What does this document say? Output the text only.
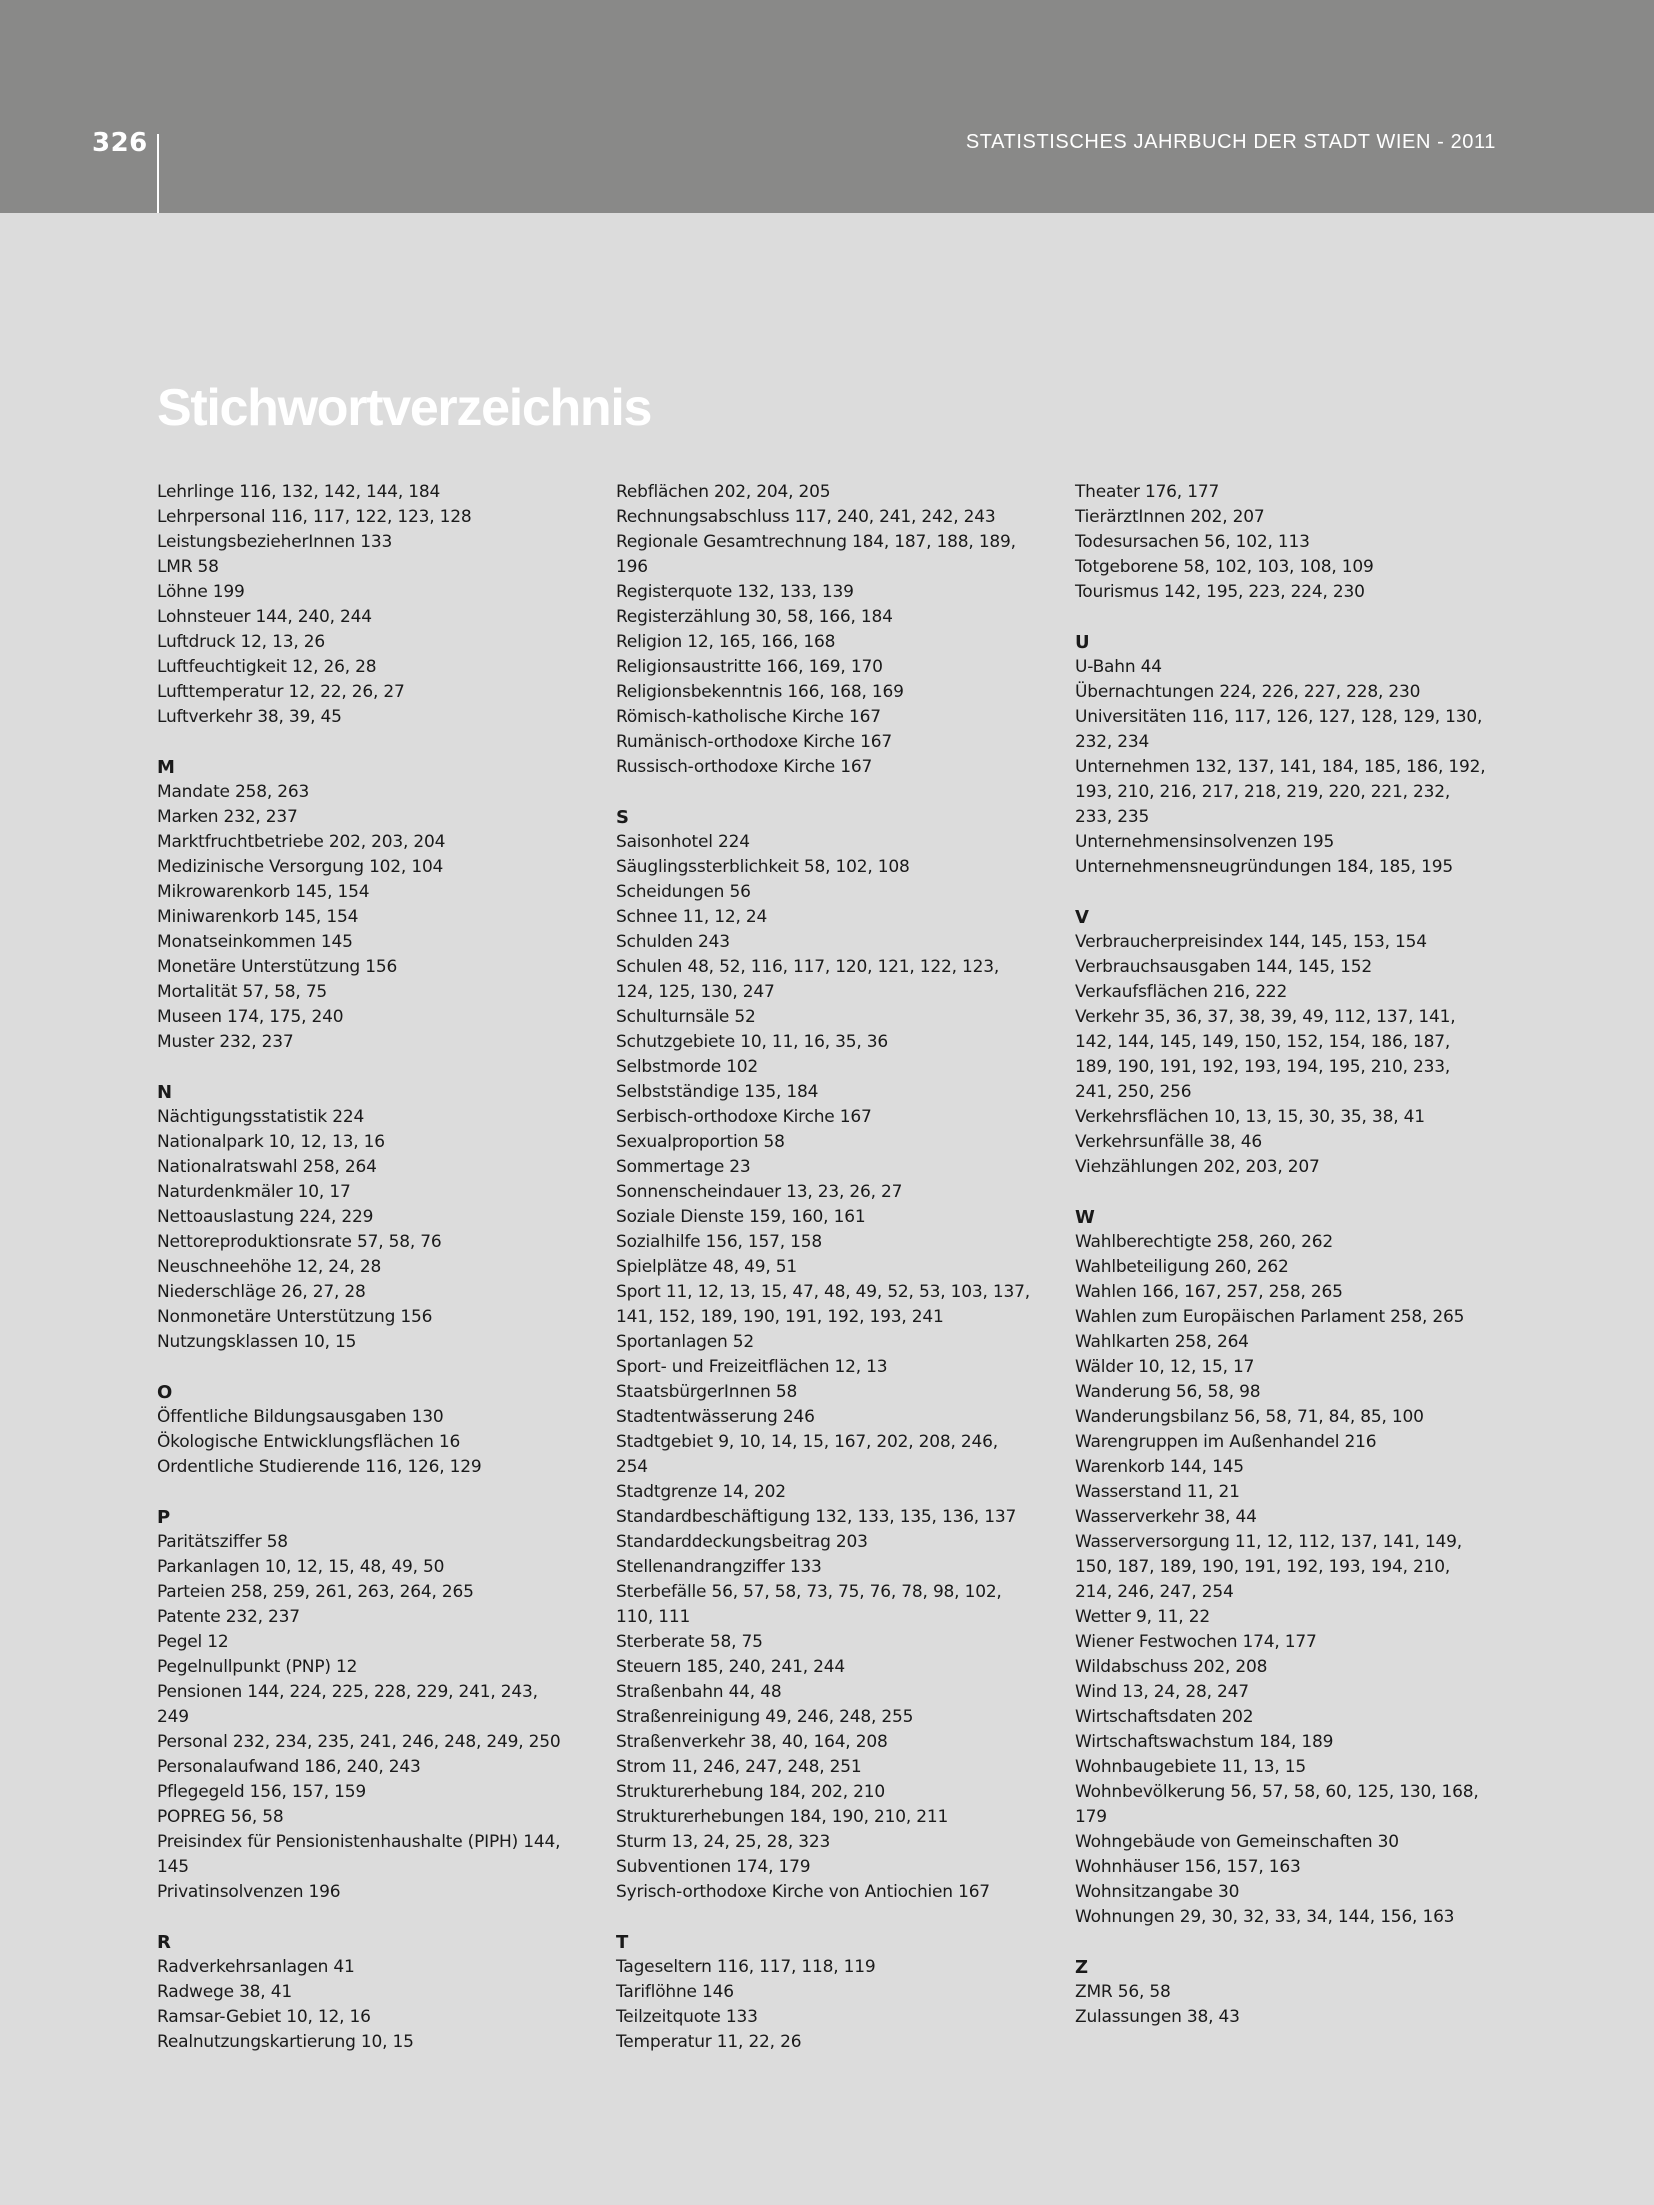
326	STATISTISCHES JAHRBUCH DER STADT WIEN - 2011
Stichwortverzeichnis
Lehrlinge 116, 132, 142, 144, 184
Lehrpersonal 116, 117, 122, 123, 128
LeistungsbezieherInnen 133
LMR 58
Löhne 199
Lohnsteuer 144, 240, 244
Luftdruck 12, 13, 26
Luftfeuchtigkeit 12, 26, 28
Lufttemperatur 12, 22, 26, 27
Luftverkehr 38, 39, 45
M
Mandate 258, 263
Marken 232, 237
Marktfruchtbetriebe 202, 203, 204
Medizinische Versorgung 102, 104
Mikrowarenkorb 145, 154
Miniwarenkorb 145, 154
Monatseinkommen 145
Monetäre Unterstützung 156
Mortalität 57, 58, 75
Museen 174, 175, 240
Muster 232, 237
N
Nächtigungsstatistik 224
Nationalpark 10, 12, 13, 16
Nationalratswahl 258, 264
Naturdenkmäler 10, 17
Nettoauslastung 224, 229
Nettoreproduktionsrate 57, 58, 76
Neuschneehöhe 12, 24, 28
Niederschläge 26, 27, 28
Nonmonetäre Unterstützung 156
Nutzungsklassen 10, 15
O
Öffentliche Bildungsausgaben 130
Ökologische Entwicklungsflächen 16
Ordentliche Studierende 116, 126, 129
P
Paritätsziffer 58
Parkanlagen 10, 12, 15, 48, 49, 50
Parteien 258, 259, 261, 263, 264, 265
Patente 232, 237
Pegel 12
Pegelnullpunkt (PNP) 12
Pensionen 144, 224, 225, 228, 229, 241, 243,
249
Personal 232, 234, 235, 241, 246, 248, 249, 250
Personalaufwand 186, 240, 243
Pflegegeld 156, 157, 159
POPREG 56, 58
Preisindex für Pensionistenhaushalte (PIPH) 144,
145
Privatinsolvenzen 196
R
Radverkehrsanlagen 41
Radwege 38, 41
Ramsar-Gebiet 10, 12, 16
Realnutzungskartierung 10, 15
Rebflächen 202, 204, 205
Rechnungsabschluss 117, 240, 241, 242, 243
Regionale Gesamtrechnung 184, 187, 188, 189,
196
Registerquote 132, 133, 139
Registerzählung 30, 58, 166, 184
Religion 12, 165, 166, 168
Religionsaustritte 166, 169, 170
Religionsbekenntnis 166, 168, 169
Römisch-katholische Kirche 167
Rumänisch-orthodoxe Kirche 167
Russisch-orthodoxe Kirche 167
S
Saisonhotel 224
Säuglingssterblichkeit 58, 102, 108
Scheidungen 56
Schnee 11, 12, 24
Schulden 243
Schulen 48, 52, 116, 117, 120, 121, 122, 123,
124, 125, 130, 247
Schulturnsäle 52
Schutzgebiete 10, 11, 16, 35, 36
Selbstmorde 102
Selbstständige 135, 184
Serbisch-orthodoxe Kirche 167
Sexualproportion 58
Sommertage 23
Sonnenscheindauer 13, 23, 26, 27
Soziale Dienste 159, 160, 161
Sozialhilfe 156, 157, 158
Spielplätze 48, 49, 51
Sport 11, 12, 13, 15, 47, 48, 49, 52, 53, 103, 137,
141, 152, 189, 190, 191, 192, 193, 241
Sportanlagen 52
Sport- und Freizeitflächen 12, 13
StaatsbürgerInnen 58
Stadtentwässerung 246
Stadtgebiet 9, 10, 14, 15, 167, 202, 208, 246,
254
Stadtgrenze 14, 202
Standardbeschäftigung 132, 133, 135, 136, 137
Standarddeckungsbeitrag 203
Stellenandrangziffer 133
Sterbefälle 56, 57, 58, 73, 75, 76, 78, 98, 102,
110, 111
Sterberate 58, 75
Steuern 185, 240, 241, 244
Straßenbahn 44, 48
Straßenreinigung 49, 246, 248, 255
Straßenverkehr 38, 40, 164, 208
Strom 11, 246, 247, 248, 251
Strukturerhebung 184, 202, 210
Strukturerhebungen 184, 190, 210, 211
Sturm 13, 24, 25, 28, 323
Subventionen 174, 179
Syrisch-orthodoxe Kirche von Antiochien 167
T
Tageseltern 116, 117, 118, 119
Tariflöhne 146
Teilzeitquote 133
Temperatur 11, 22, 26
Theater 176, 177
TierärztInnen 202, 207
Todesursachen 56, 102, 113
Totgeborene 58, 102, 103, 108, 109
Tourismus 142, 195, 223, 224, 230
U
U-Bahn 44
Übernachtungen 224, 226, 227, 228, 230
Universitäten 116, 117, 126, 127, 128, 129, 130,
232, 234
Unternehmen 132, 137, 141, 184, 185, 186, 192,
193, 210, 216, 217, 218, 219, 220, 221, 232,
233, 235
Unternehmensinsolvenzen 195
Unternehmensneugründungen 184, 185, 195
V
Verbraucherpreisindex 144, 145, 153, 154
Verbrauchsausgaben 144, 145, 152
Verkaufsflächen 216, 222
Verkehr 35, 36, 37, 38, 39, 49, 112, 137, 141,
142, 144, 145, 149, 150, 152, 154, 186, 187,
189, 190, 191, 192, 193, 194, 195, 210, 233,
241, 250, 256
Verkehrsflächen 10, 13, 15, 30, 35, 38, 41
Verkehrsunfälle 38, 46
Viehzählungen 202, 203, 207
W
Wahlberechtigte 258, 260, 262
Wahlbeteiligung 260, 262
Wahlen 166, 167, 257, 258, 265
Wahlen zum Europäischen Parlament 258, 265
Wahlkarten 258, 264
Wälder 10, 12, 15, 17
Wanderung 56, 58, 98
Wanderungsbilanz 56, 58, 71, 84, 85, 100
Warengruppen im Außenhandel 216
Warenkorb 144, 145
Wasserstand 11, 21
Wasserverkehr 38, 44
Wasserversorgung 11, 12, 112, 137, 141, 149,
150, 187, 189, 190, 191, 192, 193, 194, 210,
214, 246, 247, 254
Wetter 9, 11, 22
Wiener Festwochen 174, 177
Wildabschuss 202, 208
Wind 13, 24, 28, 247
Wirtschaftsdaten 202
Wirtschaftswachstum 184, 189
Wohnbaugebiete 11, 13, 15
Wohnbevölkerung 56, 57, 58, 60, 125, 130, 168,
179
Wohngebäude von Gemeinschaften 30
Wohnhäuser 156, 157, 163
Wohnsitzangabe 30
Wohnungen 29, 30, 32, 33, 34, 144, 156, 163
Z
ZMR 56, 58
Zulassungen 38, 43
